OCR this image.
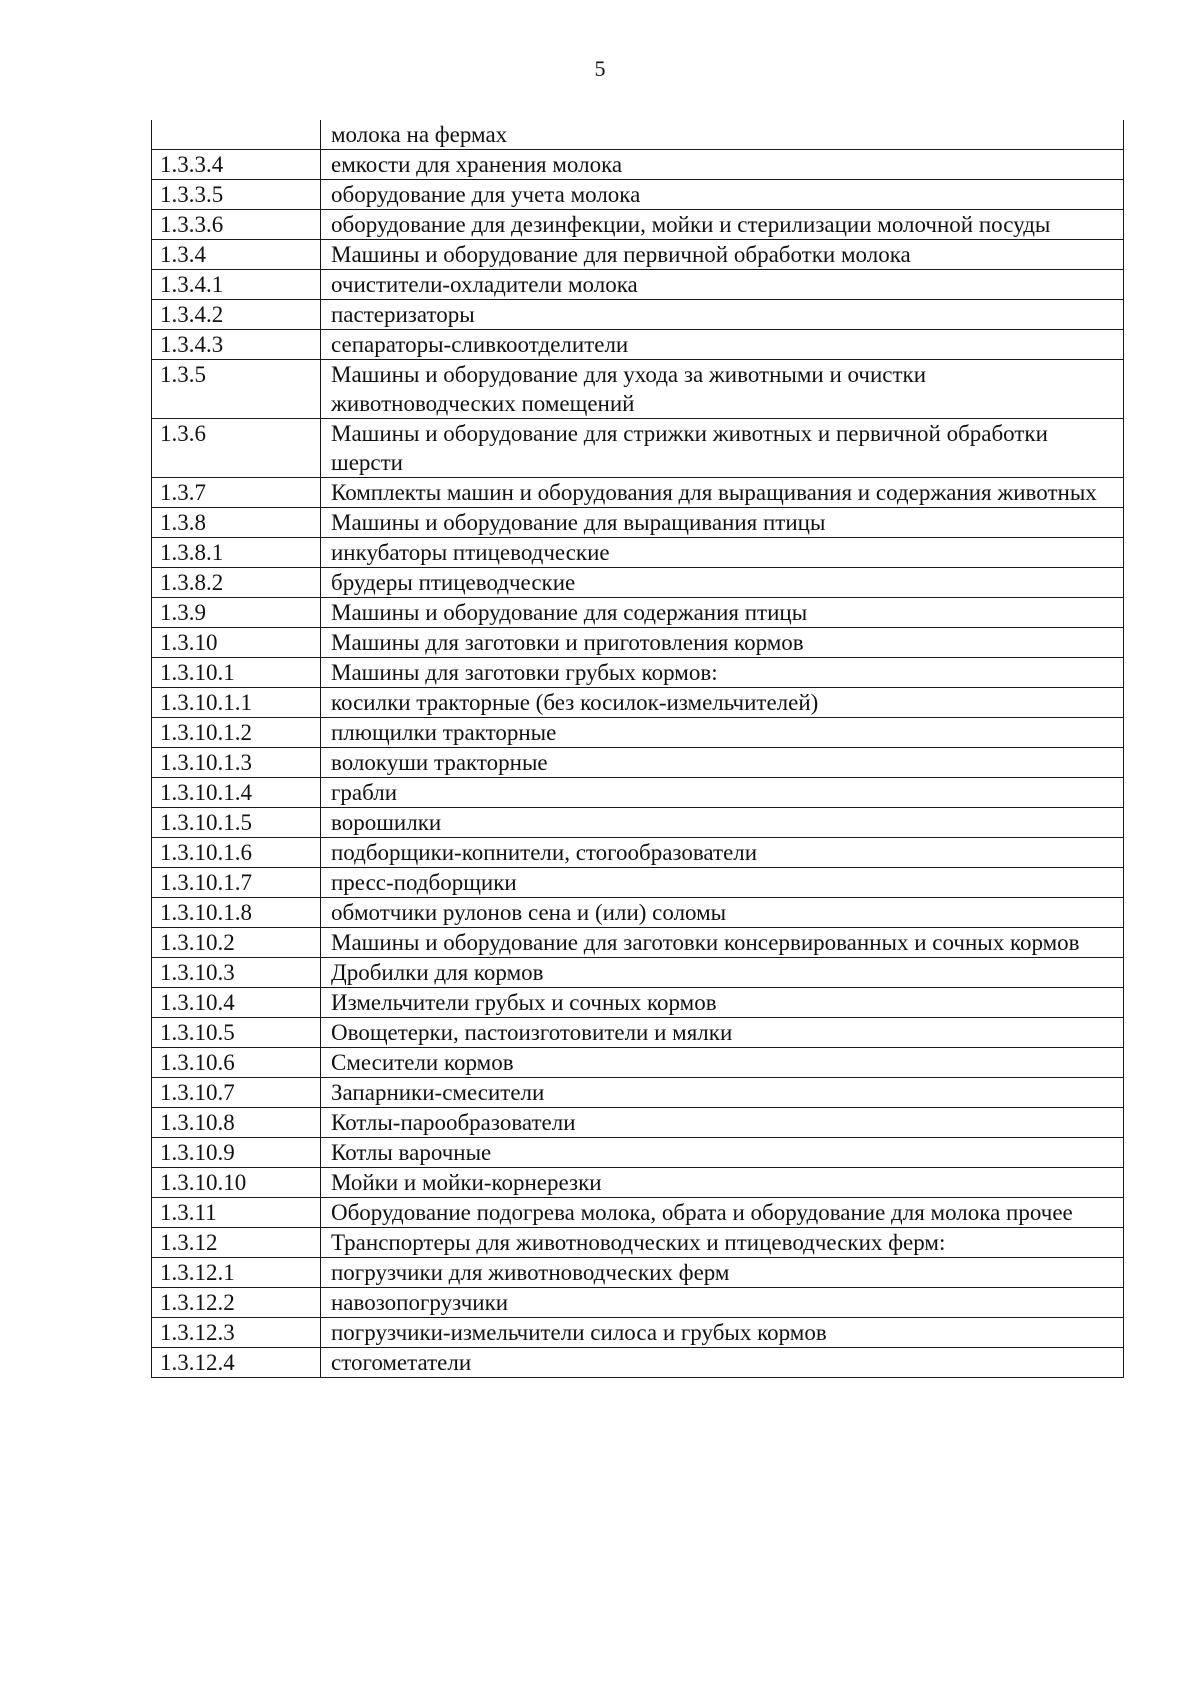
5
	молока на фермах
1.3.3.4	емкости для хранения молока
1.3.3.5	оборудование для учета молока
1.3.3.6	оборудование для дезинфекции, мойки и стерилизации молочной посуды
1.3.4	Машины и оборудование для первичной обработки молока
1.3.4.1	очистители-охладители молока
1.3.4.2	пастеризаторы
1.3.4.3	сепараторы-сливкоотделители
1.3.5	Машины и оборудование для ухода за животными и очистки животноводческих помещений
1.3.6	Машины и оборудование для стрижки животных и первичной обработки шерсти
1.3.7	Комплекты машин и оборудования для выращивания и содержания животных
1.3.8	Машины и оборудование для выращивания птицы
1.3.8.1	инкубаторы птицеводческие
1.3.8.2	брудеры птицеводческие
1.3.9	Машины и оборудование для содержания птицы
1.3.10	Машины для заготовки и приготовления кормов
1.3.10.1	Машины для заготовки грубых кормов:
1.3.10.1.1	косилки тракторные (без косилок-измельчителей)
1.3.10.1.2	плющилки тракторные
1.3.10.1.3	волокуши тракторные
1.3.10.1.4	грабли
1.3.10.1.5	ворошилки
1.3.10.1.6	подборщики-копнители, стогообразователи
1.3.10.1.7	пресс-подборщики
1.3.10.1.8	обмотчики рулонов сена и (или) соломы
1.3.10.2	Машины и оборудование для заготовки консервированных и сочных кормов
1.3.10.3	Дробилки для кормов
1.3.10.4	Измельчители грубых и сочных кормов
1.3.10.5	Овощетерки, пастоизготовители и мялки
1.3.10.6	Смесители кормов
1.3.10.7	Запарники-смесители
1.3.10.8	Котлы-парообразователи
1.3.10.9	Котлы варочные
1.3.10.10	Мойки и мойки-корнерезки
1.3.11	Оборудование подогрева молока, обрата и оборудование для молока прочее
1.3.12	Транспортеры для животноводческих и птицеводческих ферм:
1.3.12.1	погрузчики для животноводческих ферм
1.3.12.2	навозопогрузчики
1.3.12.3	погрузчики-измельчители силоса и грубых кормов
1.3.12.4	стогометатели
